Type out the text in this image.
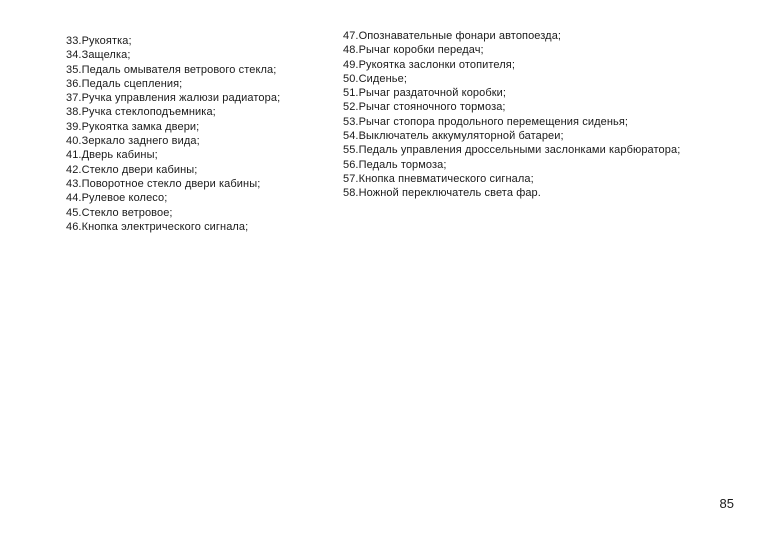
33.Рукоятка;
34.Защелка;
35.Педаль омывателя ветрового стекла;
36.Педаль сцепления;
37.Ручка управления жалюзи радиатора;
38.Ручка стеклоподъемника;
39.Рукоятка замка двери;
40.Зеркало заднего вида;
41.Дверь кабины;
42.Стекло двери кабины;
43.Поворотное стекло двери кабины;
44.Рулевое колесо;
45.Стекло ветровое;
46.Кнопка электрического сигнала;
47.Опознавательные фонари автопоезда;
48.Рычаг коробки передач;
49.Рукоятка заслонки отопителя;
50.Сиденье;
51.Рычаг раздаточной коробки;
52.Рычаг стояночного тормоза;
53.Рычаг стопора продольного перемещения сиденья;
54.Выключатель аккумуляторной батареи;
55.Педаль управления дроссельными заслонками карбюратора;
56.Педаль тормоза;
57.Кнопка пневматического сигнала;
58.Ножной переключатель света фар.
85
